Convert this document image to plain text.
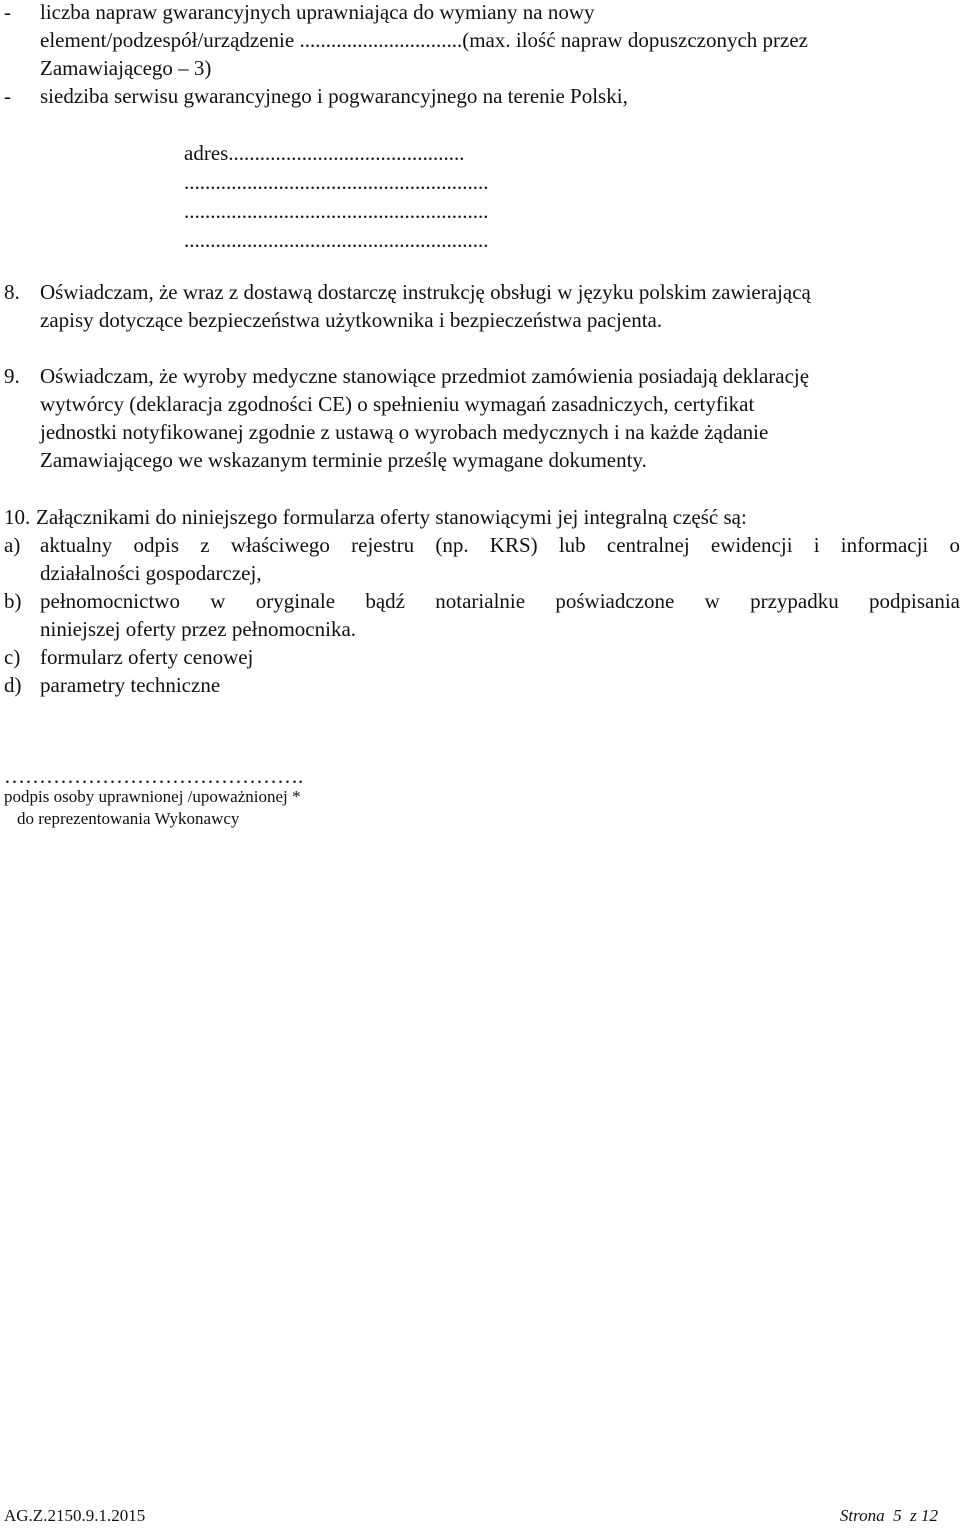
- liczba napraw gwarancyjnych uprawniająca do wymiany na nowy
element/podzespół/urządzenie ...............................(max. ilość napraw dopuszczonych przez
Zamawiającego – 3)
- siedziba serwisu gwarancyjnego i pogwarancyjnego na terenie Polski,
adres.............................................
..........................................................
..........................................................
..........................................................
8. Oświadczam, że wraz z dostawą dostarczę instrukcję obsługi w języku polskim zawierającą
zapisy dotyczące bezpieczeństwa użytkownika i bezpieczeństwa pacjenta.
9. Oświadczam, że wyroby medyczne stanowiące przedmiot zamówienia posiadają deklarację
wytwórcy (deklaracja zgodności CE) o spełnieniu wymagań zasadniczych, certyfikat
jednostki notyfikowanej zgodnie z ustawą o wyrobach medycznych i na każde żądanie
Zamawiającego we wskazanym terminie prześlę wymagane dokumenty.
10. Załącznikami do niniejszego formularza oferty stanowiącymi jej integralną część są:
a) aktualny odpis z właściwego rejestru (np. KRS) lub centralnej ewidencji i informacji o
działalności gospodarczej,
b) pełnomocnictwo w oryginale bądź notarialnie poświadczone w przypadku podpisania
niniejszej oferty przez pełnomocnika.
c) formularz oferty cenowej
d) parametry techniczne
…………………………………….
podpis osoby uprawnionej /upoważnionej *
do reprezentowania Wykonawcy
AG.Z.2150.9.1.2015	Strona  5  z 12
